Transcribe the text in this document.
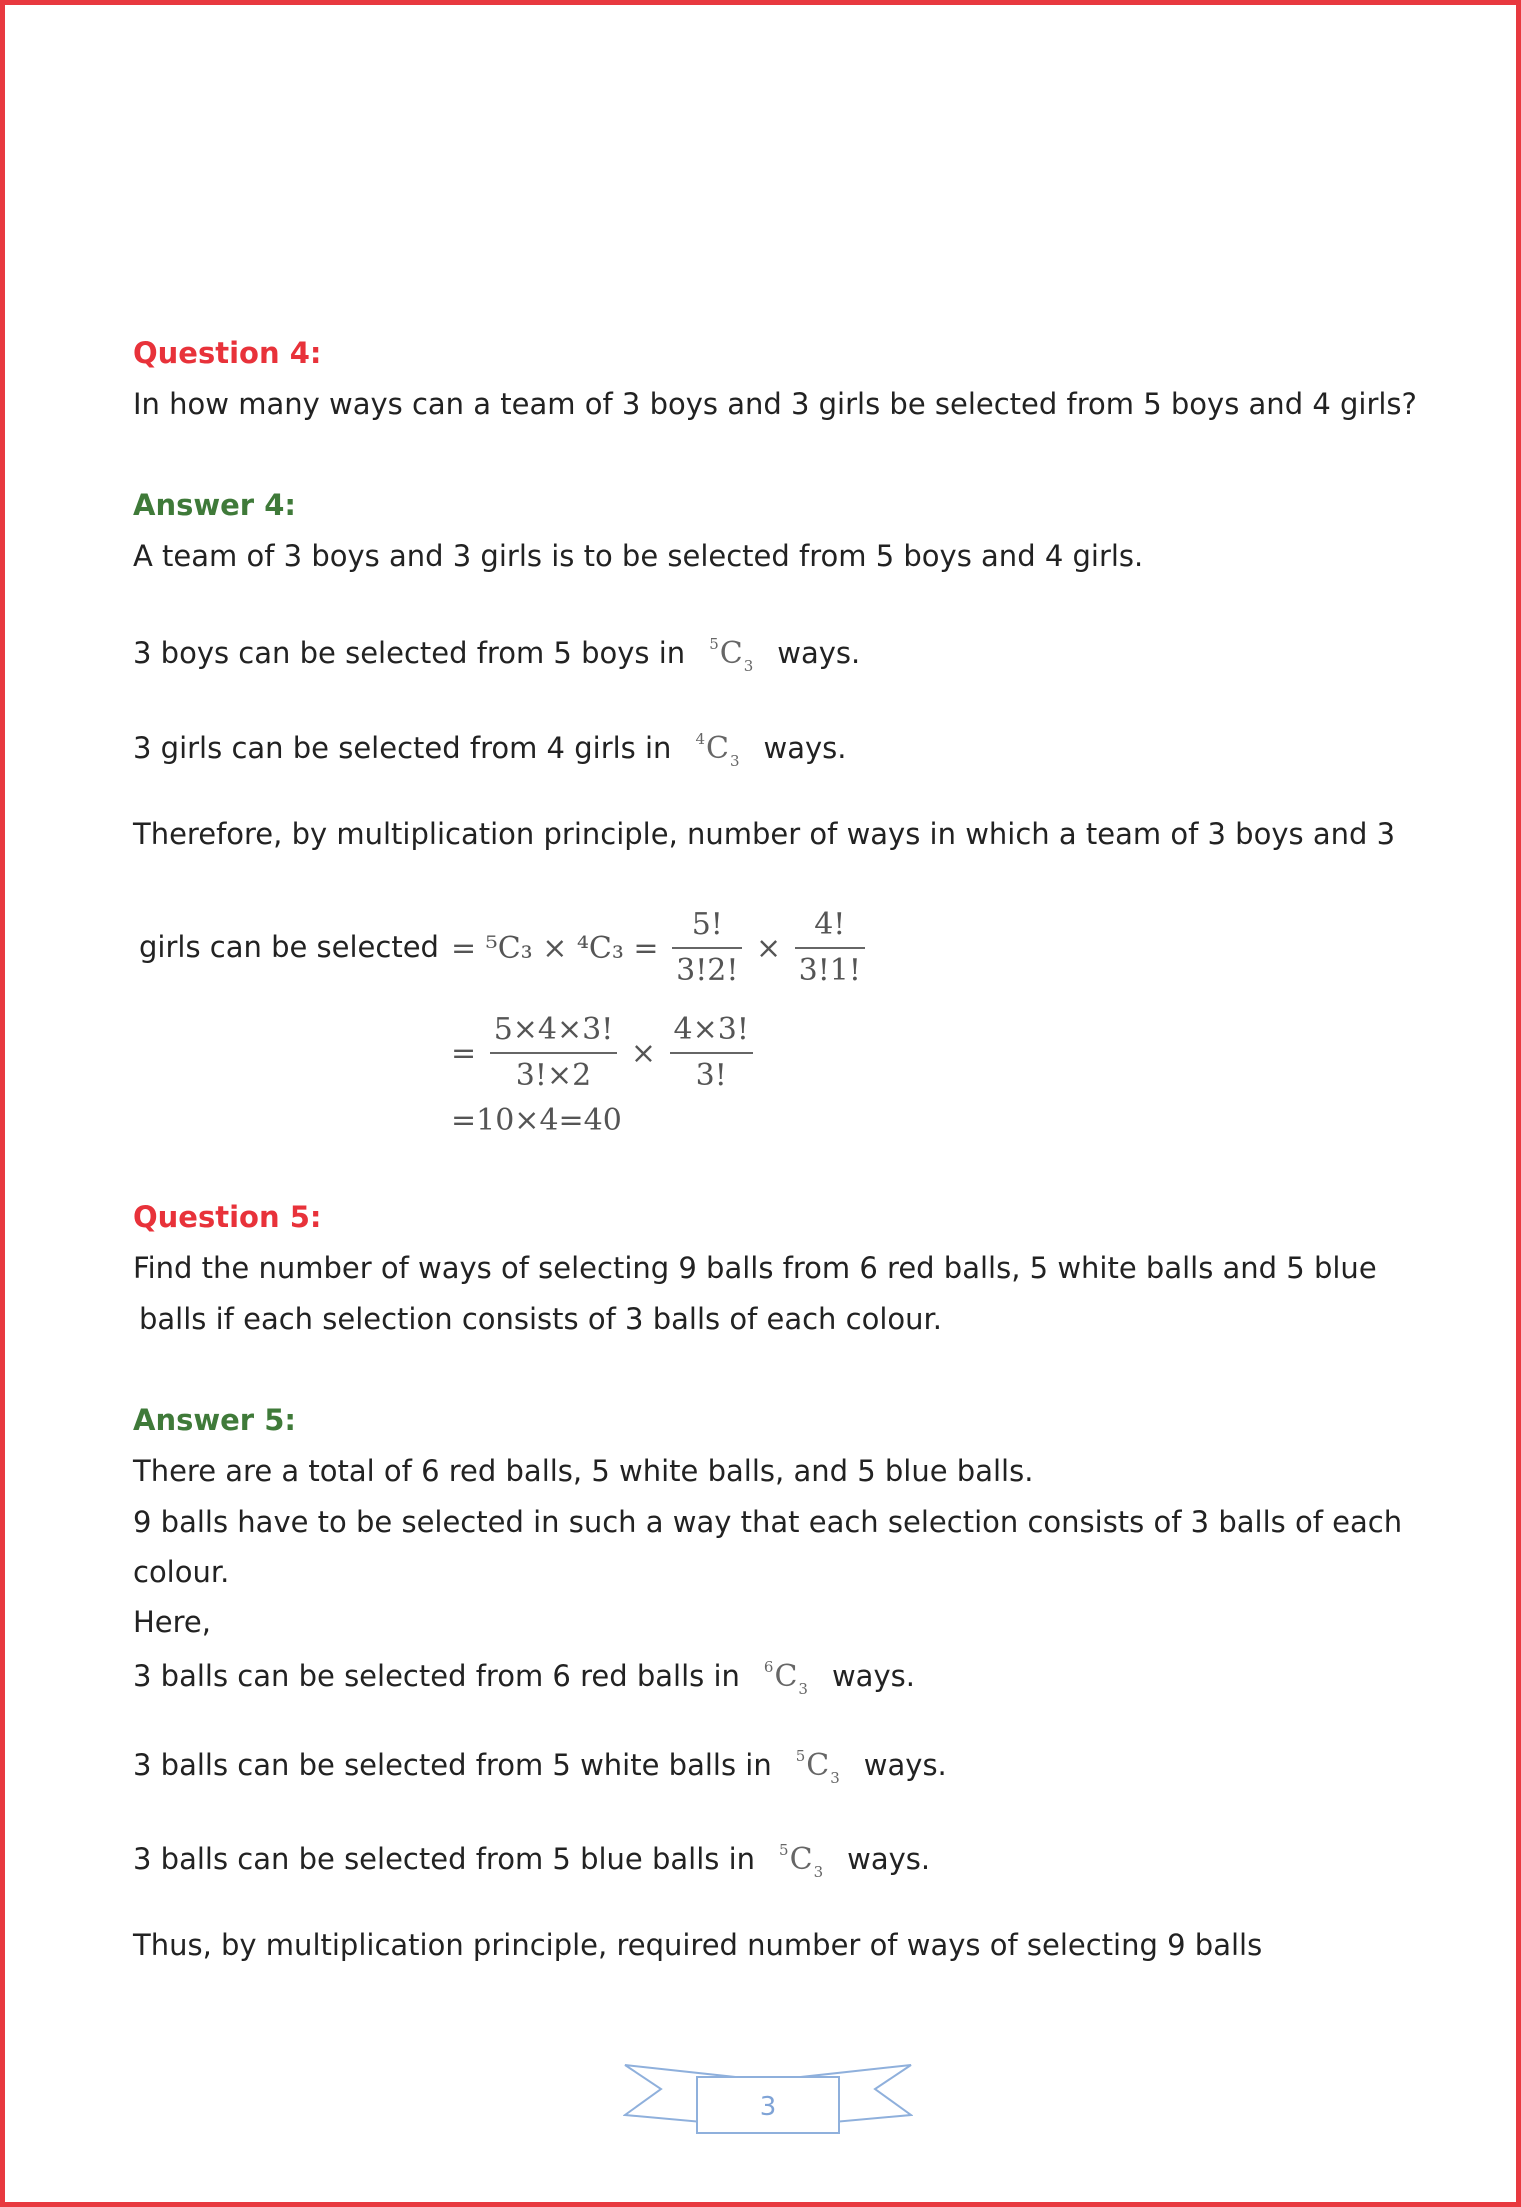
Question 4:
In how many ways can a team of 3 boys and 3 girls be selected from 5 boys and 4 girls?
Answer 4:
A team of 3 boys and 3 girls is to be selected from 5 boys and 4 girls.
3 boys can be selected from 5 boys in $^5C_3$ ways.
3 girls can be selected from 4 girls in $^4C_3$ ways.
Therefore, by multiplication principle, number of ways in which a team of 3 boys and 3
girls can be selected = $^5C_3 \times ^4C_3 = \frac{5!}{3!2!} \times \frac{4!}{3!1!}$
= $\frac{5\times 4\times 3!}{3!\times 2} \times \frac{4\times 3!}{3!}$
=10×4=40
Question 5:
Find the number of ways of selecting 9 balls from 6 red balls, 5 white balls and 5 blue
balls if each selection consists of 3 balls of each colour.
Answer 5:
There are a total of 6 red balls, 5 white balls, and 5 blue balls.
9 balls have to be selected in such a way that each selection consists of 3 balls of each
colour.
Here,
3 balls can be selected from 6 red balls in $^6C_3$ ways.
3 balls can be selected from 5 white balls in $^5C_3$ ways.
3 balls can be selected from 5 blue balls in $^5C_3$ ways.
Thus, by multiplication principle, required number of ways of selecting 9 balls
3
